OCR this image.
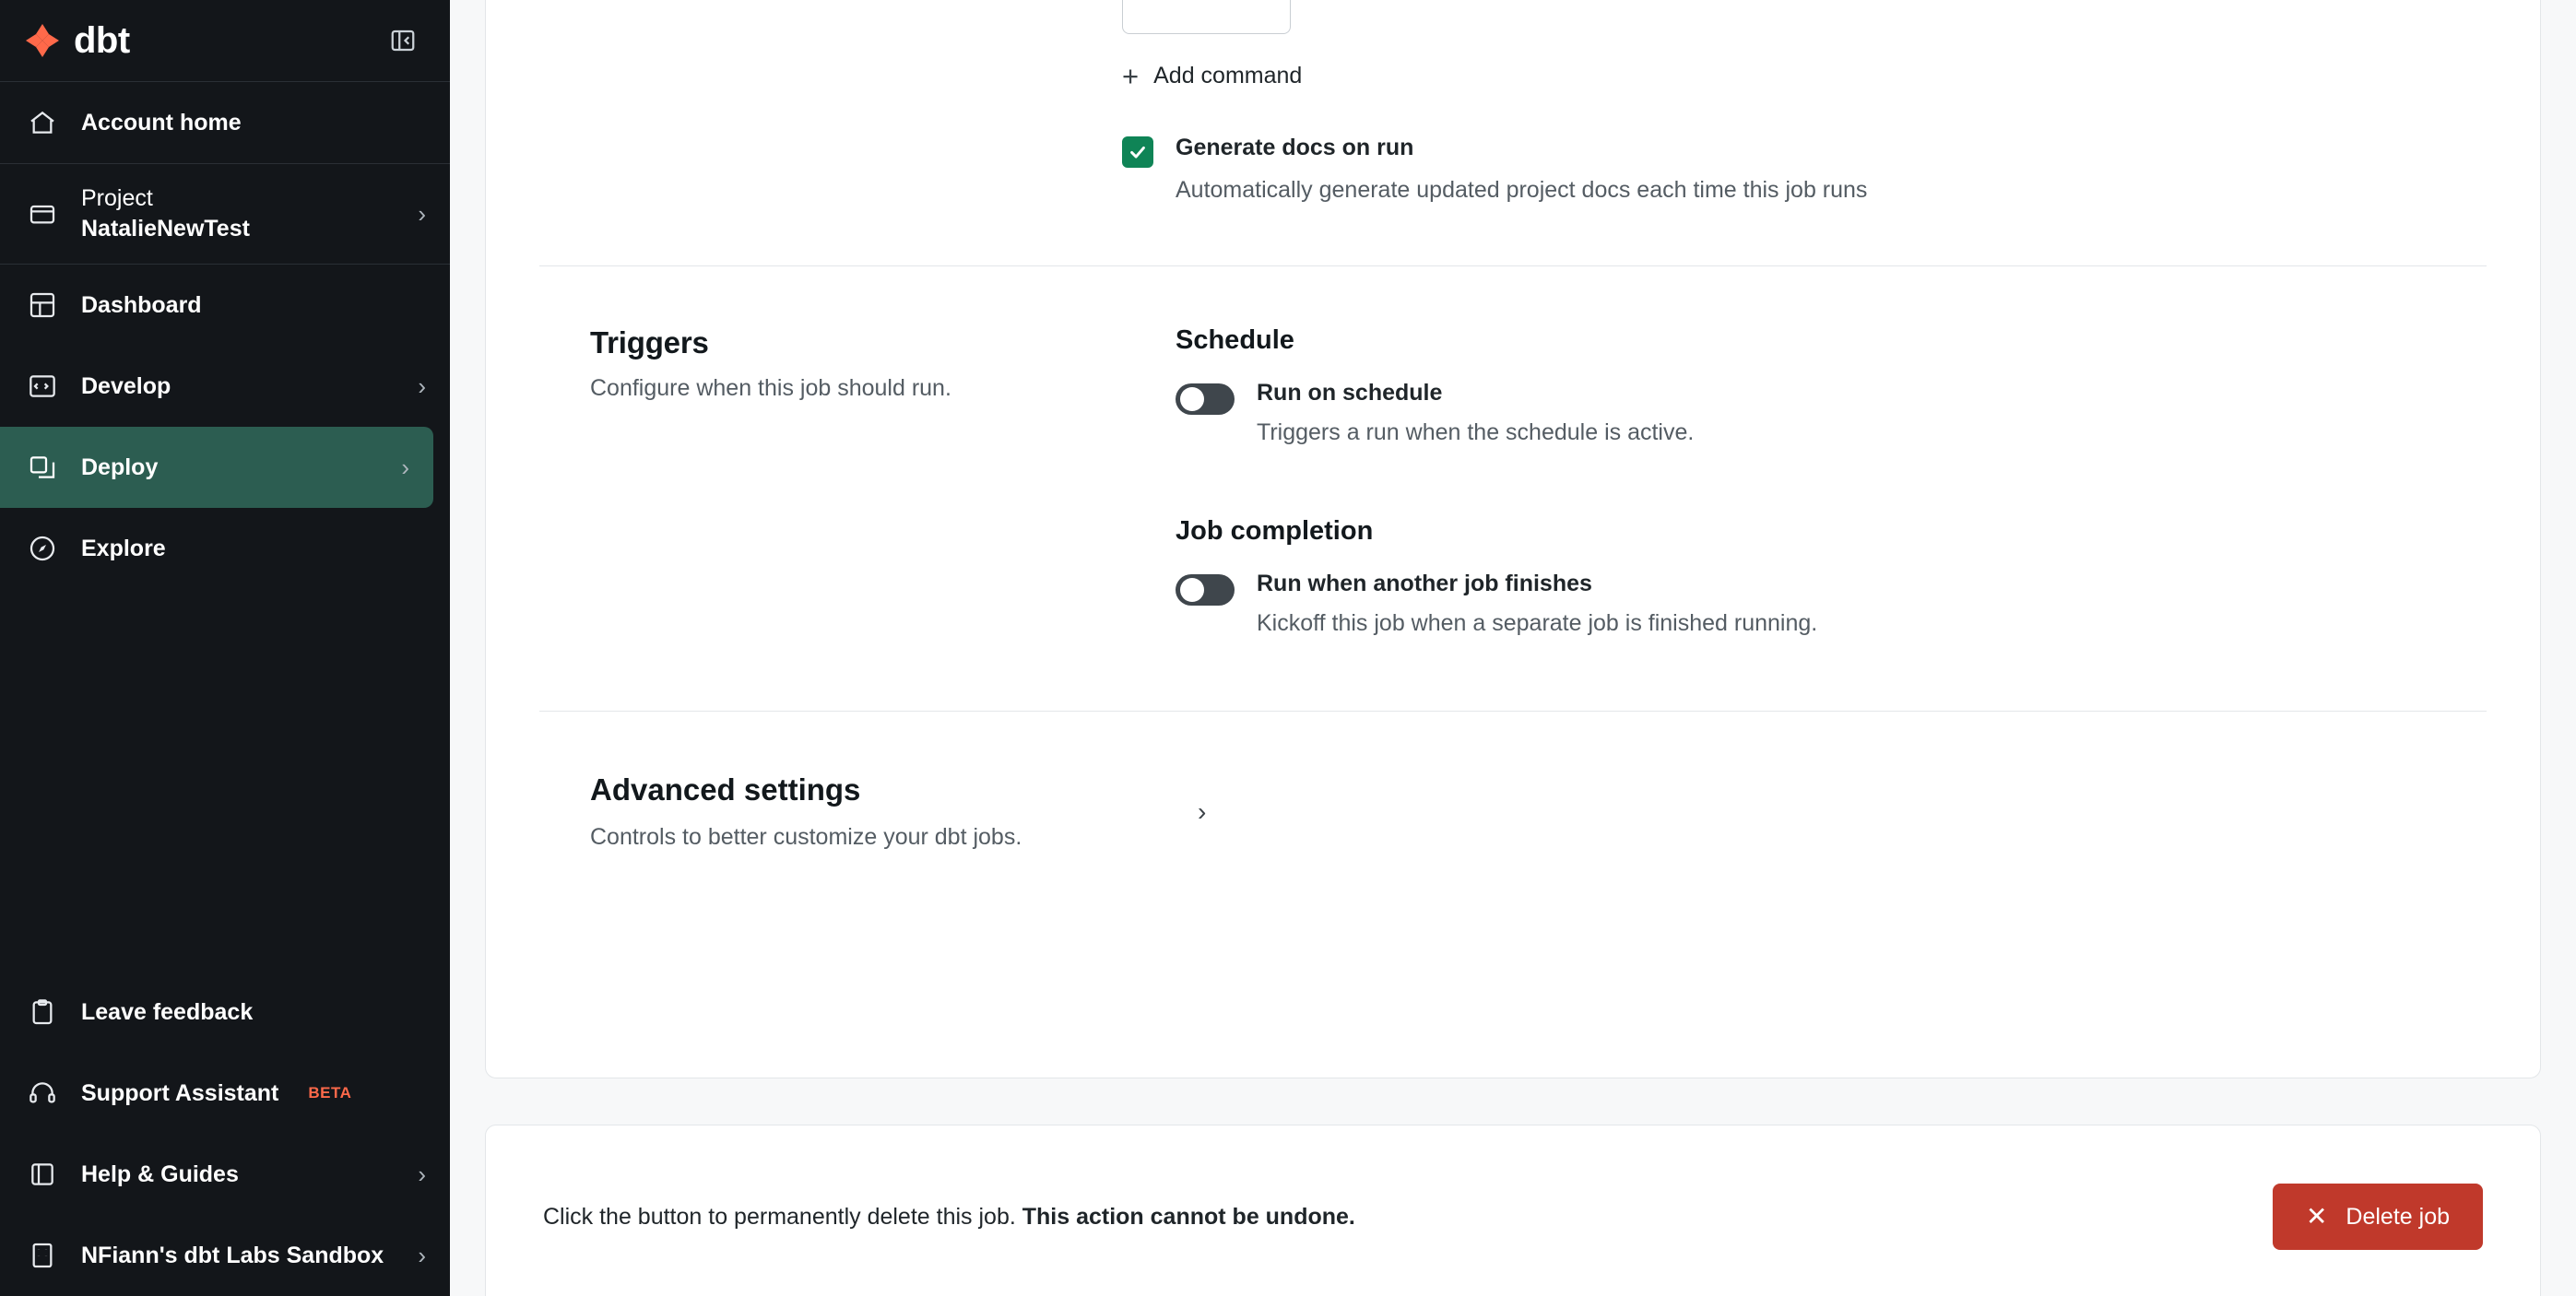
dbt
Account home
Project
NatalieNewTest
›
Dashboard
Develop	›
Deploy	›
Explore
Leave feedback
Support Assistant BETA
Help & Guides	›
NFiann's dbt Labs Sandbox ›
+ Add command
Generate docs on run
Automatically generate updated project docs each time this job runs
Triggers

Configure when this job should run.

Schedule
Run on schedule
Triggers a run when the schedule is active.
Job completion
Run when another job finishes
Kickoff this job when a separate job is finished running.
Advanced settings

Controls to better customize your dbt jobs.

›
Click the button to permanently delete this job. This action cannot be undone.	✕ Delete job
